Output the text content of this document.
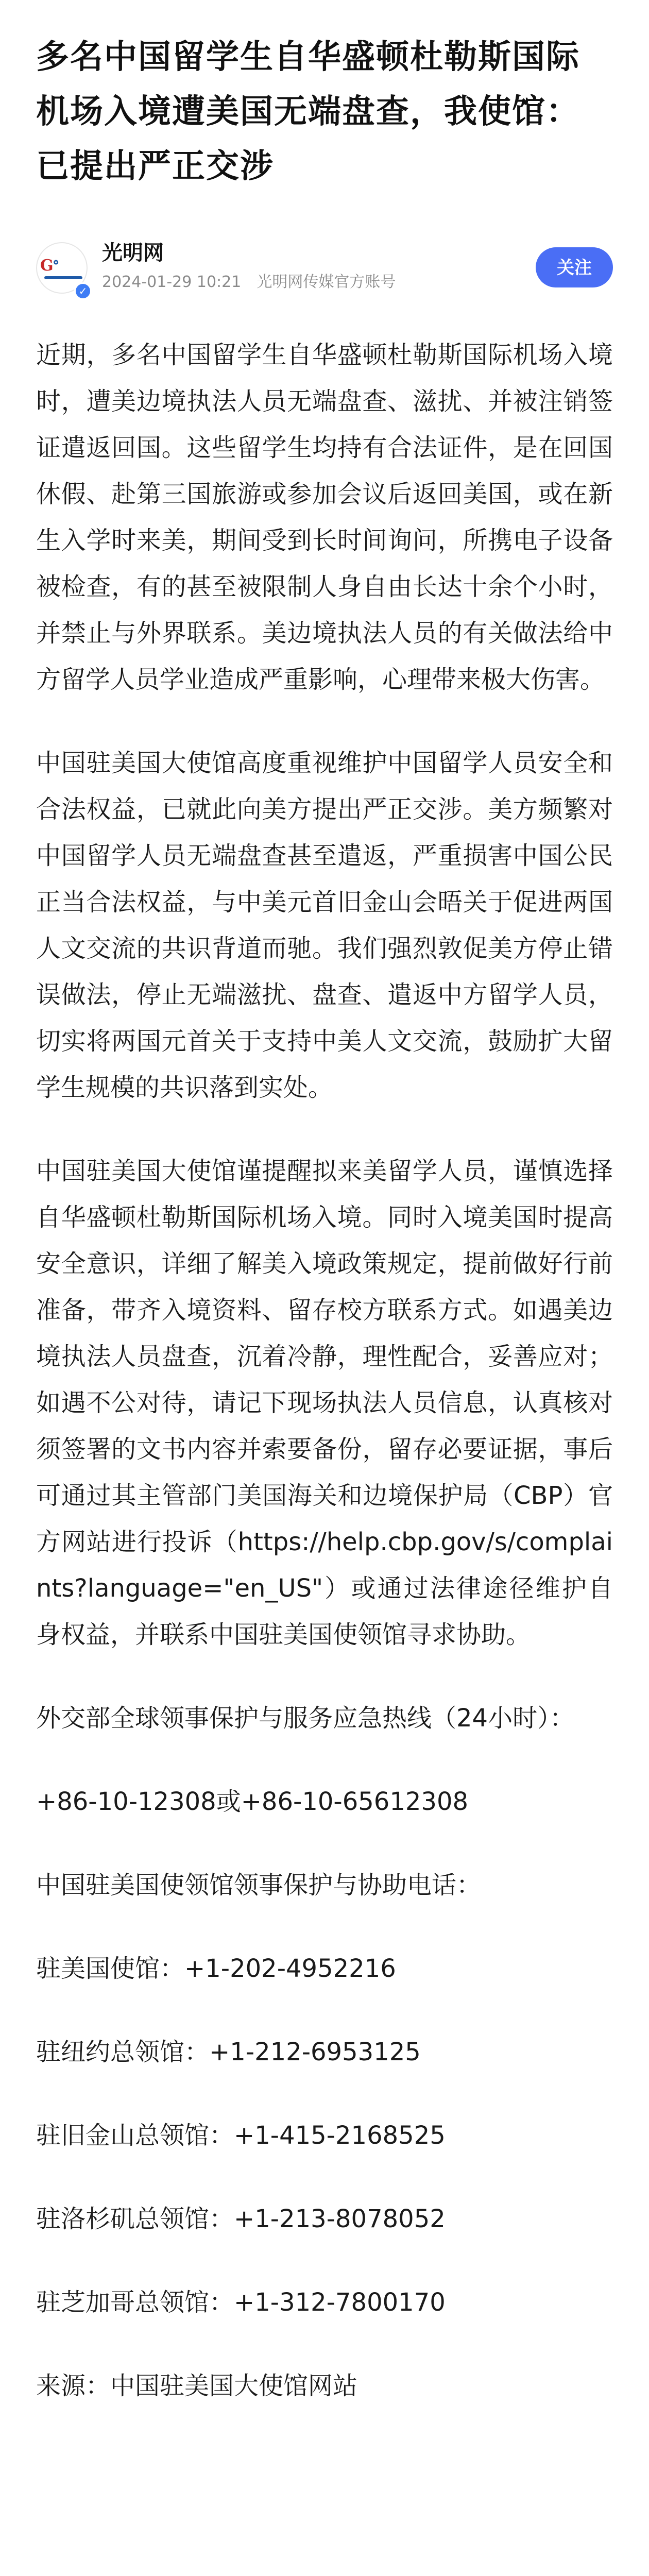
多名中国留学生自华盛顿杜勒斯国际机场入境遭美国无端盘查，我使馆：已提出严正交涉
Gᐤ
✓
光明网
2024-01-29 10:21 光明网传媒官方账号
关注

近期，多名中国留学生自华盛顿杜勒斯国际机场入境时，遭美边境执法人员无端盘查、滋扰、并被注销签证遣返回国。这些留学生均持有合法证件，是在回国休假、赴第三国旅游或参加会议后返回美国，或在新生入学时来美，期间受到长时间询问，所携电子设备被检查，有的甚至被限制人身自由长达十余个小时，并禁止与外界联系。美边境执法人员的有关做法给中方留学人员学业造成严重影响，心理带来极大伤害。

中国驻美国大使馆高度重视维护中国留学人员安全和合法权益，已就此向美方提出严正交涉。美方频繁对中国留学人员无端盘查甚至遣返，严重损害中国公民正当合法权益，与中美元首旧金山会晤关于促进两国人文交流的共识背道而驰。我们强烈敦促美方停止错误做法，停止无端滋扰、盘查、遣返中方留学人员，切实将两国元首关于支持中美人文交流，鼓励扩大留学生规模的共识落到实处。

中国驻美国大使馆谨提醒拟来美留学人员，谨慎选择自华盛顿杜勒斯国际机场入境。同时入境美国时提高安全意识，详细了解美入境政策规定，提前做好行前准备，带齐入境资料、留存校方联系方式。如遇美边境执法人员盘查，沉着冷静，理性配合，妥善应对；如遇不公对待，请记下现场执法人员信息，认真核对须签署的文书内容并索要备份，留存必要证据，事后可通过其主管部门美国海关和边境保护局（CBP）官方网站进行投诉（https://help.cbp.gov/s/complaints?language="en_US"）或通过法律途径维护自身权益，并联系中国驻美国使领馆寻求协助。

外交部全球领事保护与服务应急热线（24小时）：

+86-10-12308或+86-10-65612308

中国驻美国使领馆领事保护与协助电话：

驻美国使馆：+1-202-4952216

驻纽约总领馆：+1-212-6953125

驻旧金山总领馆：+1-415-2168525

驻洛杉矶总领馆：+1-213-8078052

驻芝加哥总领馆：+1-312-7800170

来源：中国驻美国大使馆网站
